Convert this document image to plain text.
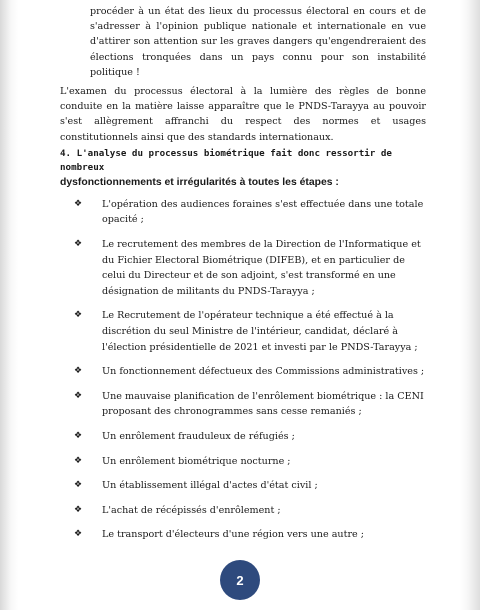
procéder à un état des lieux du processus électoral en cours et de s'adresser à l'opinion publique nationale et internationale en vue d'attirer son attention sur les graves dangers qu'engendreraient des élections tronquées dans un pays connu pour son instabilité politique !
L'examen du processus électoral à la lumière des règles de bonne conduite en la matière laisse apparaître que le PNDS-Tarayya au pouvoir s'est allègrement affranchi du respect des normes et usages constitutionnels ainsi que des standards internationaux.
4. L'analyse du processus biométrique fait donc ressortir de nombreux
dysfonctionnements et irrégularités à toutes les étapes :
❖ L'opération des audiences foraines s'est effectuée dans une totale opacité ;
❖ Le recrutement des membres de la Direction de l'Informatique et du Fichier Electoral Biométrique (DIFEB), et en particulier de celui du Directeur et de son adjoint, s'est transformé en une désignation de militants du PNDS-Tarayya ;
❖ Le Recrutement de l'opérateur technique a été effectué à la discrétion du seul Ministre de l'intérieur, candidat, déclaré à l'élection présidentielle de 2021 et investi par le PNDS-Tarayya ;
❖ Un fonctionnement défectueux des Commissions administratives ;
❖ Une mauvaise planification de l'enrôlement biométrique : la CENI proposant des chronogrammes sans cesse remaniés ;
❖ Un enrôlement frauduleux de réfugiés ;
❖ Un enrôlement biométrique nocturne ;
❖ Un établissement illégal d'actes d'état civil ;
❖ L'achat de récépissés d'enrôlement ;
❖ Le transport d'électeurs d'une région vers une autre ;
2
